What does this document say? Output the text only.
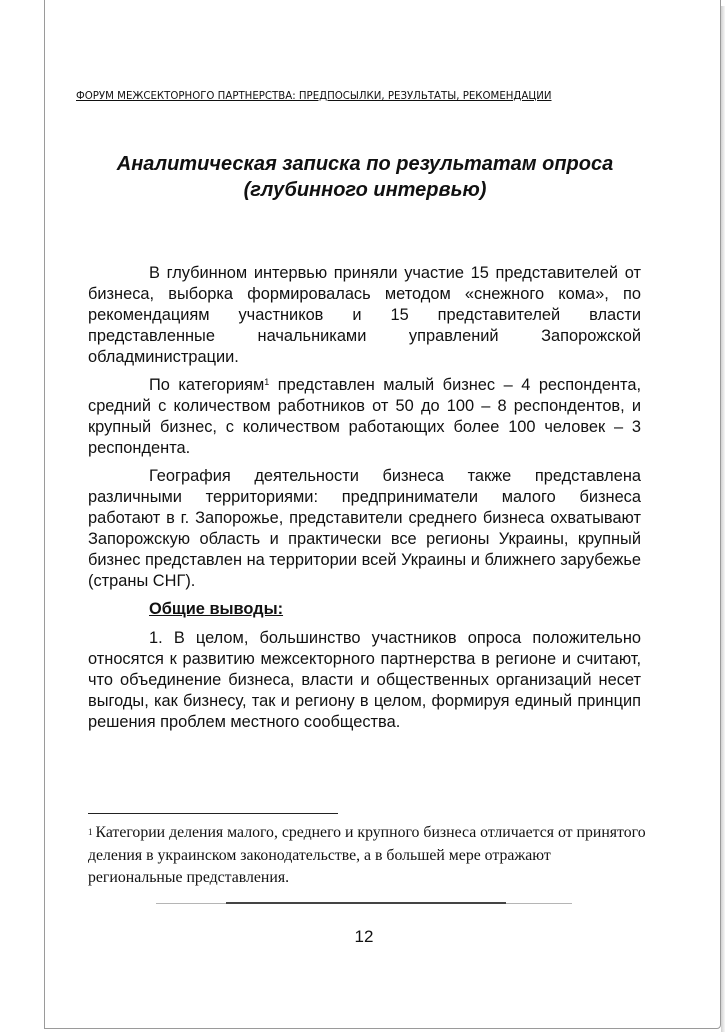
ФОРУМ МЕЖСЕКТОРНОГО ПАРТНЕРСТВА: ПРЕДПОСЫЛКИ, РЕЗУЛЬТАТЫ, РЕКОМЕНДАЦИИ
Аналитическая записка по результатам опроса
(глубинного интервью)

В глубинном интервью приняли участие 15 представителей от бизнеса, выборка формировалась методом «снежного кома», по рекомендациям участников и 15 представителей власти представленные начальниками управлений Запорожской обладминистрации.

По категориям$^1$ представлен малый бизнес – 4 респондента, средний с количеством работников от 50 до 100 – 8 респондентов, и крупный бизнес, с количеством работающих более 100 человек – 3 респондента.

География деятельности бизнеса также представлена различными территориями: предприниматели малого бизнеса работают в г. Запорожье, представители среднего бизнеса охватывают Запорожскую область и практически все регионы Украины, крупный бизнес представлен на территории всей Украины и ближнего зарубежье (страны СНГ).

Общие выводы:

1. В целом, большинство участников опроса положительно относятся к развитию межсекторного партнерства в регионе и считают, что объединение бизнеса, власти и общественных организаций несет выгоды, как бизнесу, так и региону в целом, формируя единый принцип решения проблем местного сообщества.

$^1$ Категории деления малого, среднего и крупного бизнеса отличается от принятого деления в украинском законодательстве, а в большей мере отражают региональные представления.
12
